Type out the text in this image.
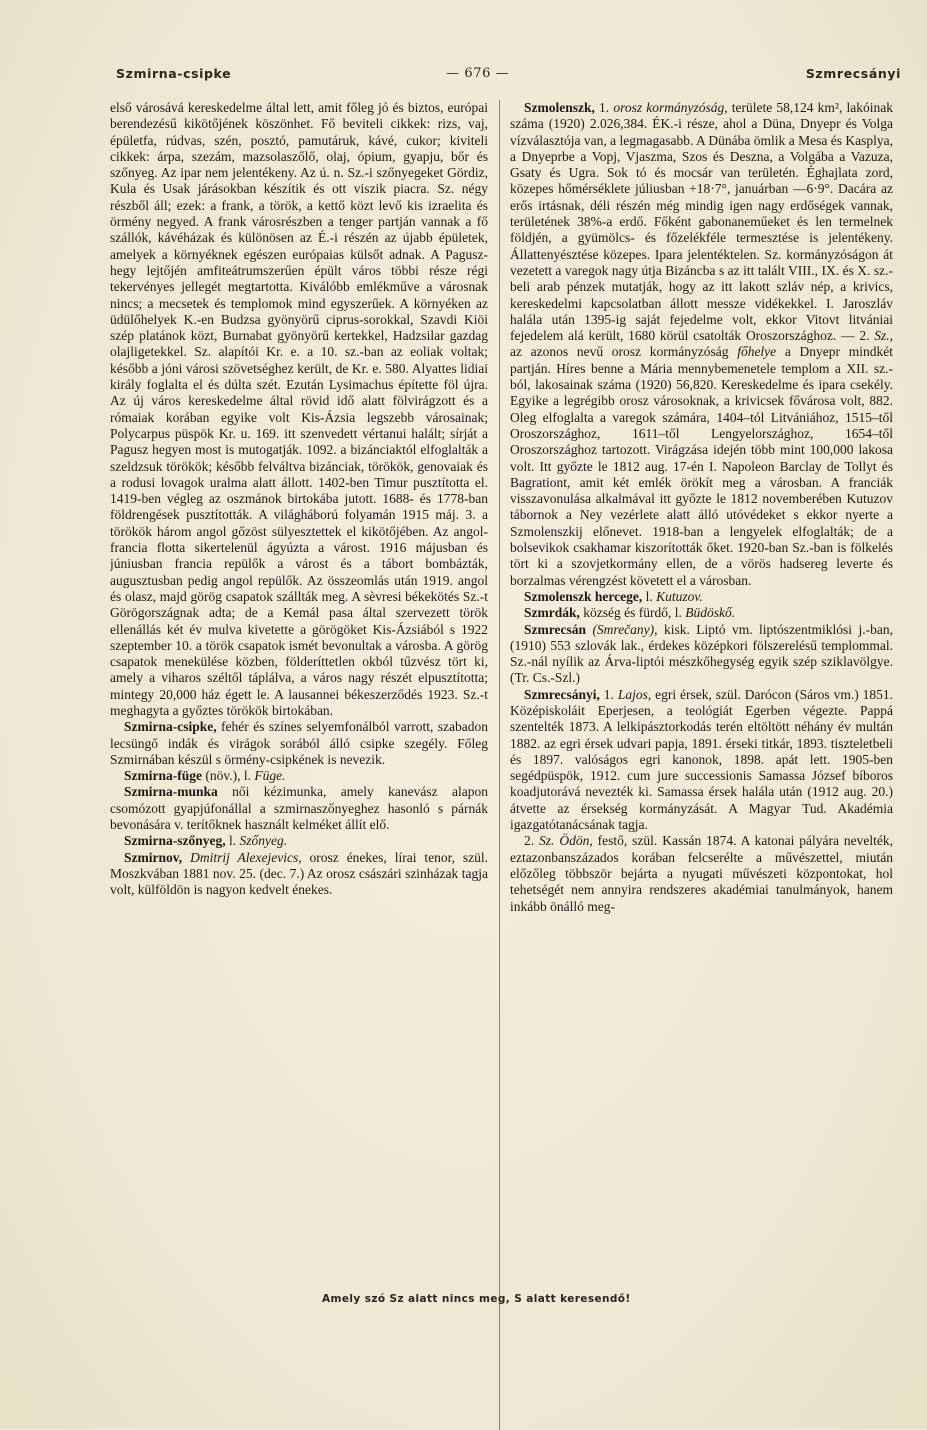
Szmirna-csipke	— 676 —	Szmrecsányi

első városává kereskedelme által lett, amit főleg jó és biztos, európai berendezésű kikötőjének köszönhet. Fő beviteli cikkek: rizs, vaj, épületfa, rúdvas, szén, posztó, pamutáruk, kávé, cukor; kiviteli cikkek: árpa, szezám, mazsolaszőlő, olaj, ópium, gyapju, bőr és szőnyeg. Az ipar nem jelentékeny. Az ú. n. Sz.-i szőnyegeket Gördiz, Kula és Usak járásokban készítik és ott viszik piacra. Sz. négy részből áll; ezek: a frank, a török, a kettő közt levő kis izraelita és örmény negyed. A frank városrészben a tenger partján vannak a fő szállók, kávéházak és különösen az É.-i részén az újabb épületek, amelyek a környéknek egészen európaias külsőt adnak. A Pagusz-hegy lejtőjén amfiteátrumszerűen épült város többi része régi tekervényes jellegét megtartotta. Kiválóbb emlékműve a városnak nincs; a mecsetek és templomok mind egyszerűek. A környéken az üdülőhelyek K.-en Budzsa gyönyörű ciprus-sorokkal, Szavdi Kiöi szép platánok közt, Burnabat gyönyörű kertekkel, Hadzsilar gazdag olajligetekkel. Sz. alapítói Kr. e. a 10. sz.-ban az eoliak voltak; később a jóni városi szövetséghez került, de Kr. e. 580. Alyattes lidiai király foglalta el és dúlta szét. Ezután Lysimachus építette föl újra. Az új város kereskedelme által rövid idő alatt fölvirágzott és a rómaiak korában egyike volt Kis-Ázsia legszebb városainak; Polycarpus püspök Kr. u. 169. itt szenvedett vértanui halált; sírját a Pagusz hegyen most is mutogatják. 1092. a bizánciaktól elfoglalták a szeldzsuk törökök; később felváltva bizánciak, törökök, genovaiak és a rodusi lovagok uralma alatt állott. 1402-ben Timur pusztította el. 1419-ben végleg az oszmánok birtokába jutott. 1688- és 1778-ban földrengések pusztították. A világháború folyamán 1915 máj. 3. a törökök három angol gőzöst sülyesztettek el kikötőjében. Az angol-francia flotta sikertelenül ágyúzta a várost. 1916 májusban és júniusban francia repülők a várost és a tábort bombázták, augusztusban pedig angol repülők. Az összeomlás után 1919. angol és olasz, majd görög csapatok szállták meg. A sèvresi békekötés Sz.-t Görögországnak adta; de a Kemál pasa által szervezett török ellenállás két év mulva kivetette a görögöket Kis-Ázsiából s 1922 szeptember 10. a török csapatok ismét bevonultak a városba. A görög csapatok menekülése közben, földeríttetlen okból tűzvész tört ki, amely a viharos széltől táplálva, a város nagy részét elpusztította; mintegy 20,000 ház égett le. A lausannei békeszerződés 1923. Sz.-t meghagyta a győztes törökök birtokában.

Szmirna-csipke, fehér és színes selyemfonálból varrott, szabadon lecsüngő indák és virágok sorából álló csipke szegély. Főleg Szmirnában készül s örmény-csipkének is nevezik.

Szmirna-füge (növ.), l. Füge.

Szmirna-munka női kézimunka, amely kanevász alapon csomózott gyapjúfonállal a szmirnaszőnyeghez hasonló s párnák bevonására v. terítőknek használt kelméket állít elő.

Szmirna-szőnyeg, l. Szőnyeg.

Szmirnov, Dmitrij Alexejevics, orosz énekes, lírai tenor, szül. Moszkvában 1881 nov. 25. (dec. 7.) Az orosz császári szinházak tagja volt, külföldön is nagyon kedvelt énekes.

Szmolenszk, 1. orosz kormányzóság, területe 58,124 km², lakóinak száma (1920) 2.026,384. ÉK.-i része, ahol a Düna, Dnyepr és Volga vízválasztója van, a legmagasabb. A Dünába ömlik a Mesa és Kasplya, a Dnyeprbe a Vopj, Vjaszma, Szos és Deszna, a Volgába a Vazuza, Gsaty és Ugra. Sok tó és mocsár van területén. Éghajlata zord, közepes hőmérséklete júliusban +18·7°, januárban —6·9°. Dacára az erős irtásnak, déli részén még mindig igen nagy erdőségek vannak, területének 38%-a erdő. Főként gabonaneműeket és len termelnek földjén, a gyümölcs- és főzelékféle termesztése is jelentékeny. Állattenyésztése közepes. Ipara jelentéktelen. Sz. kormányzóságon át vezetett a varegok nagy útja Bizáncba s az itt talált VIII., IX. és X. sz.-beli arab pénzek mutatják, hogy az itt lakott szláv nép, a krivics, kereskedelmi kapcsolatban állott messze vidékekkel. I. Jaroszláv halála után 1395-ig saját fejedelme volt, ekkor Vitovt litvániai fejedelem alá került, 1680 körül csatolták Oroszországhoz. — 2. Sz., az azonos nevű orosz kormányzóság főhelye a Dnyepr mindkét partján. Híres benne a Mária mennybemenetele templom a XII. sz.-ból, lakosainak száma (1920) 56,820. Kereskedelme és ipara csekély. Egyike a legrégibb orosz városoknak, a krivicsek fővárosa volt, 882. Oleg elfoglalta a varegok számára, 1404–tól Litvániához, 1515–től Oroszországhoz, 1611–től Lengyelországhoz, 1654–től Oroszországhoz tartozott. Virágzása idején több mint 100,000 lakosa volt. Itt győzte le 1812 aug. 17-én I. Napoleon Barclay de Tollyt és Bagrationt, amit két emlék örökít meg a városban. A franciák visszavonulása alkalmával itt győzte le 1812 novemberében Kutuzov tábornok a Ney vezérlete alatt álló utóvédeket s ekkor nyerte a Szmolenszkij előnevet. 1918-ban a lengyelek elfoglalták; de a bolsevikok csakhamar kiszorították őket. 1920-ban Sz.-ban is fölkelés tört ki a szovjetkormány ellen, de a vörös hadsereg leverte és borzalmas vérengzést követett el a városban.

Szmolenszk hercege, l. Kutuzov.

Szmrdák, község és fürdő, l. Büdöskő.

Szmrecsán (Smrečany), kisk. Liptó vm. liptószentmiklósi j.-ban, (1910) 553 szlovák lak., érdekes középkori fölszerelésű templommal. Sz.-nál nyílik az Árva-liptói mészkőhegység egyik szép sziklavölgye. (Tr. Cs.-Szl.)

Szmrecsányi, 1. Lajos, egri érsek, szül. Darócon (Sáros vm.) 1851. Középiskoláit Eperjesen, a teológiát Egerben végezte. Pappá szentelték 1873. A lelkipásztorkodás terén eltöltött néhány év multán 1882. az egri érsek udvari papja, 1891. érseki titkár, 1893. tiszteletbeli és 1897. valóságos egri kanonok, 1898. apát lett. 1905-ben segédpüspök, 1912. cum jure successionis Samassa József bíboros koadjutorává nevezték ki. Samassa érsek halála után (1912 aug. 20.) átvette az érsekség kormányzását. A Magyar Tud. Akadémia igazgatótanácsának tagja.

2. Sz. Ödön, festő, szül. Kassán 1874. A katonai pályára nevelték, eztazonbanszázados korában felcserélte a művészettel, miután előzőleg többször bejárta a nyugati művészeti központokat, hol tehetségét nem annyira rendszeres akadémiai tanulmányok, hanem inkább önálló meg-

Amely szó Sz alatt nincs meg, S alatt keresendő!
